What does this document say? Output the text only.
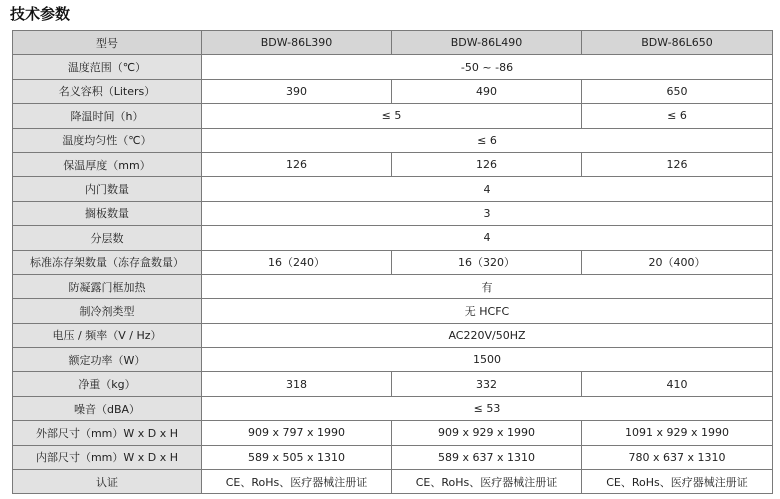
技术参数
型号	BDW-86L390	BDW-86L490	BDW-86L650
温度范围（℃）	-50 ~ -86		
名义容积（Liters）	390	490	650
降温时间（h）	≤ 5		≤ 6
温度均匀性（℃）	≤ 6		
保温厚度（mm）	126	126	126
内门数量	4		
搁板数量	3		
分层数	4		
标准冻存架数量（冻存盒数量）	16（240）	16（320）	20（400）
防凝露门框加热	有		
制冷剂类型	无 HCFC		
电压 / 频率（V / Hz）	AC220V/50HZ		
额定功率（W）	1500		
净重（kg）	318	332	410
噪音（dBA）	≤ 53		
外部尺寸（mm）W x D x H	909 x 797 x 1990	909 x 929 x 1990	1091 x 929 x 1990
内部尺寸（mm）W x D x H	589 x 505 x 1310	589 x 637 x 1310	780 x 637 x 1310
认证	CE、RoHs、医疗器械注册证	CE、RoHs、医疗器械注册证	CE、RoHs、医疗器械注册证
